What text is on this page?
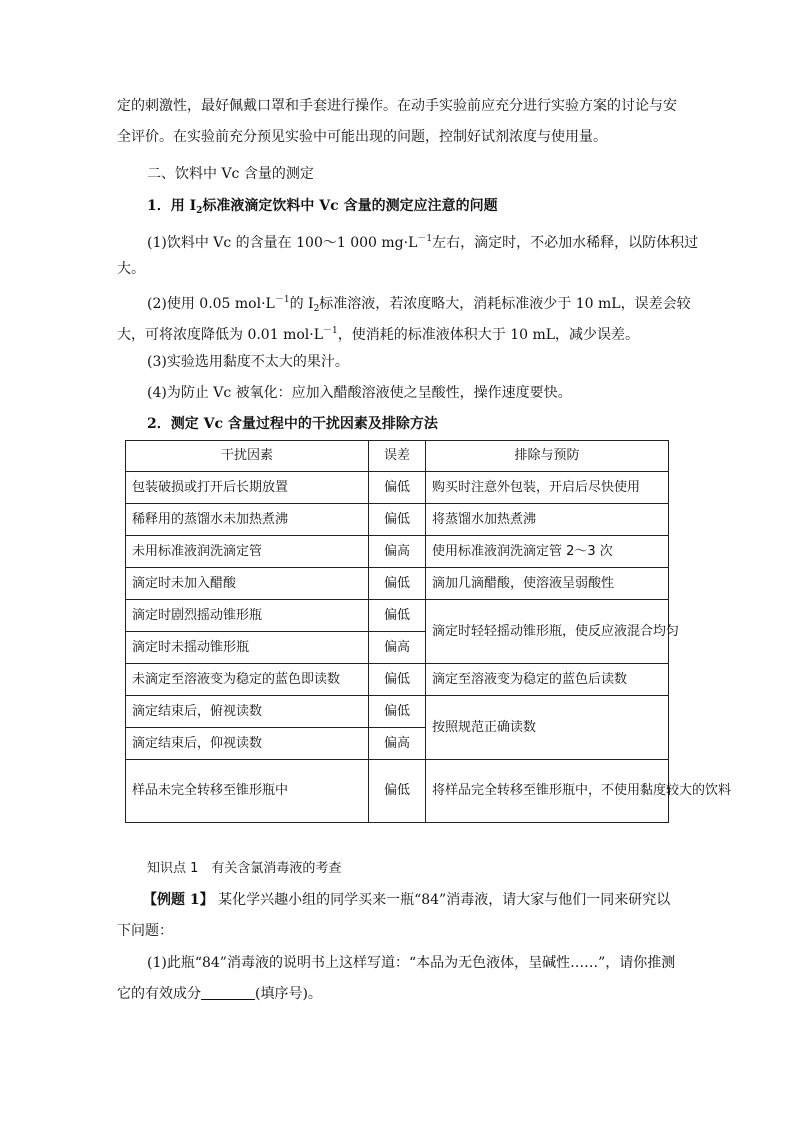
定的刺激性，最好佩戴口罩和手套进行操作。在动手实验前应充分进行实验方案的讨论与安
全评价。在实验前充分预见实验中可能出现的问题，控制好试剂浓度与使用量。
二、饮料中 Vc 含量的测定
1．用 $I_2$标准液滴定饮料中 Vc 含量的测定应注意的问题
(1)饮料中 Vc 的含量在 100～1 000 $mg\cdot L^{-1}$左右，滴定时，不必加水稀释，以防体积过
大。
(2)使用 0.05 $mol\cdot L^{-1}$的 $I_2$标准溶液，若浓度略大，消耗标准液少于 10 mL，误差会较
大，可将浓度降低为 0.01 $mol\cdot L^{-1}$，使消耗的标准液体积大于 10 mL，减少误差。
(3)实验选用黏度不太大的果汁。
(4)为防止 Vc 被氧化：应加入醋酸溶液使之呈酸性，操作速度要快。
2．测定 Vc 含量过程中的干扰因素及排除方法
干扰因素	误差	排除与预防
包装破损或打开后长期放置	偏低	购买时注意外包装，开启后尽快使用
稀释用的蒸馏水未加热煮沸	偏低	将蒸馏水加热煮沸
未用标准液润洗滴定管	偏高	使用标准液润洗滴定管 2～3 次
滴定时未加入醋酸	偏低	滴加几滴醋酸，使溶液呈弱酸性
滴定时剧烈摇动锥形瓶	偏低	滴定时轻轻摇动锥形瓶，使反应液混合均匀
滴定时未摇动锥形瓶	偏高	
未滴定至溶液变为稳定的蓝色即读数	偏低	滴定至溶液变为稳定的蓝色后读数
滴定结束后，俯视读数	偏低	按照规范正确读数
滴定结束后，仰视读数	偏高	
样品未完全转移至锥形瓶中	偏低	将样品完全转移至锥形瓶中，不使用黏度较大的饮料
知识点 1　有关含氯消毒液的考查
【例题 1】 某化学兴趣小组的同学买来一瓶“84”消毒液，请大家与他们一同来研究以
下问题：
(1)此瓶“84”消毒液的说明书上这样写道：“本品为无色液体，呈碱性……”，请你推测
它的有效成分	(填序号)。
